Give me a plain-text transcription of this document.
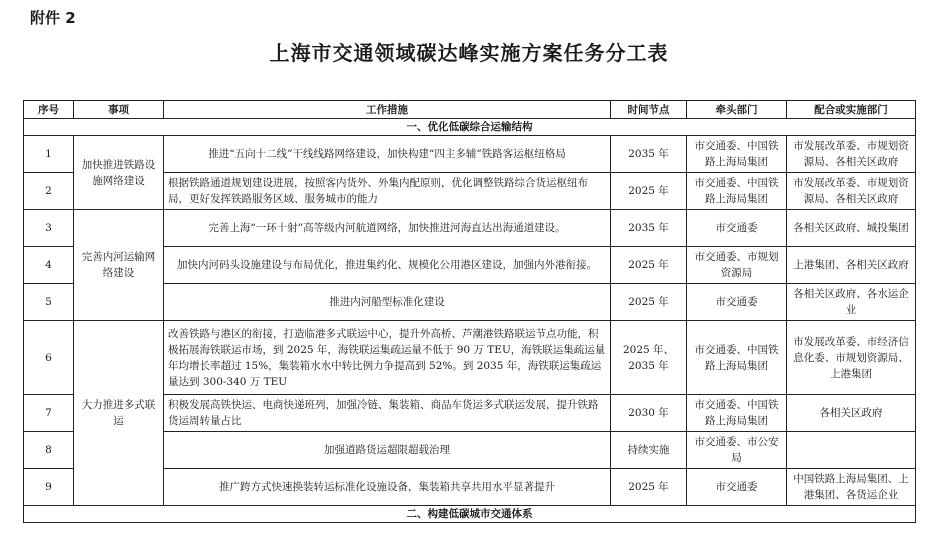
附件 2
上海市交通领域碳达峰实施方案任务分工表
序号	事项	工作措施	时间节点	牵头部门	配合或实施部门
一、优化低碳综合运输结构					
1	加快推进铁路设施网络建设	推进“五向十二线”干线线路网络建设，加快构建“四主多辅”铁路客运枢纽格局	2035 年	市交通委、中国铁路上海局集团	市发展改革委、市规划资源局、各相关区政府
2		根据铁路通道规划建设进展，按照客内货外、外集内配原则，优化调整铁路综合货运枢纽布局，更好发挥铁路服务区域、服务城市的能力	2025 年	市交通委、中国铁路上海局集团	市发展改革委、市规划资源局、各相关区政府
3	完善内河运输网络建设	完善上海“一环十射”高等级内河航道网络，加快推进河海直达出海通道建设。	2035 年	市交通委	各相关区政府、城投集团
4		加快内河码头设施建设与布局优化，推进集约化、规模化公用港区建设，加强内外港衔接。	2025 年	市交通委、市规划资源局	上港集团、各相关区政府
5		推进内河船型标准化建设	2025 年	市交通委	各相关区政府、各水运企业
6	大力推进多式联运	改善铁路与港区的衔接，打造临港多式联运中心，提升外高桥、芦潮港铁路联运节点功能，积极拓展海铁联运市场，到 2025 年，海铁联运集疏运量不低于 90 万 TEU，海铁联运集疏运量年均增长率超过 15%，集装箱水水中转比例力争提高到 52%。到 2035 年，海铁联运集疏运量达到 300-340 万 TEU	2025 年、2035 年	市交通委、中国铁路上海局集团	市发展改革委、市经济信息化委、市规划资源局、上港集团
7		积极发展高铁快运、电商快递班列，加强冷链、集装箱、商品车货运多式联运发展，提升铁路货运周转量占比	2030 年	市交通委、中国铁路上海局集团	各相关区政府
8		加强道路货运超限超载治理	持续实施	市交通委、市公安局	
9		推广跨方式快速换装转运标准化设施设备，集装箱共享共用水平显著提升	2025 年	市交通委	中国铁路上海局集团、上港集团、各货运企业
二、构建低碳城市交通体系					
